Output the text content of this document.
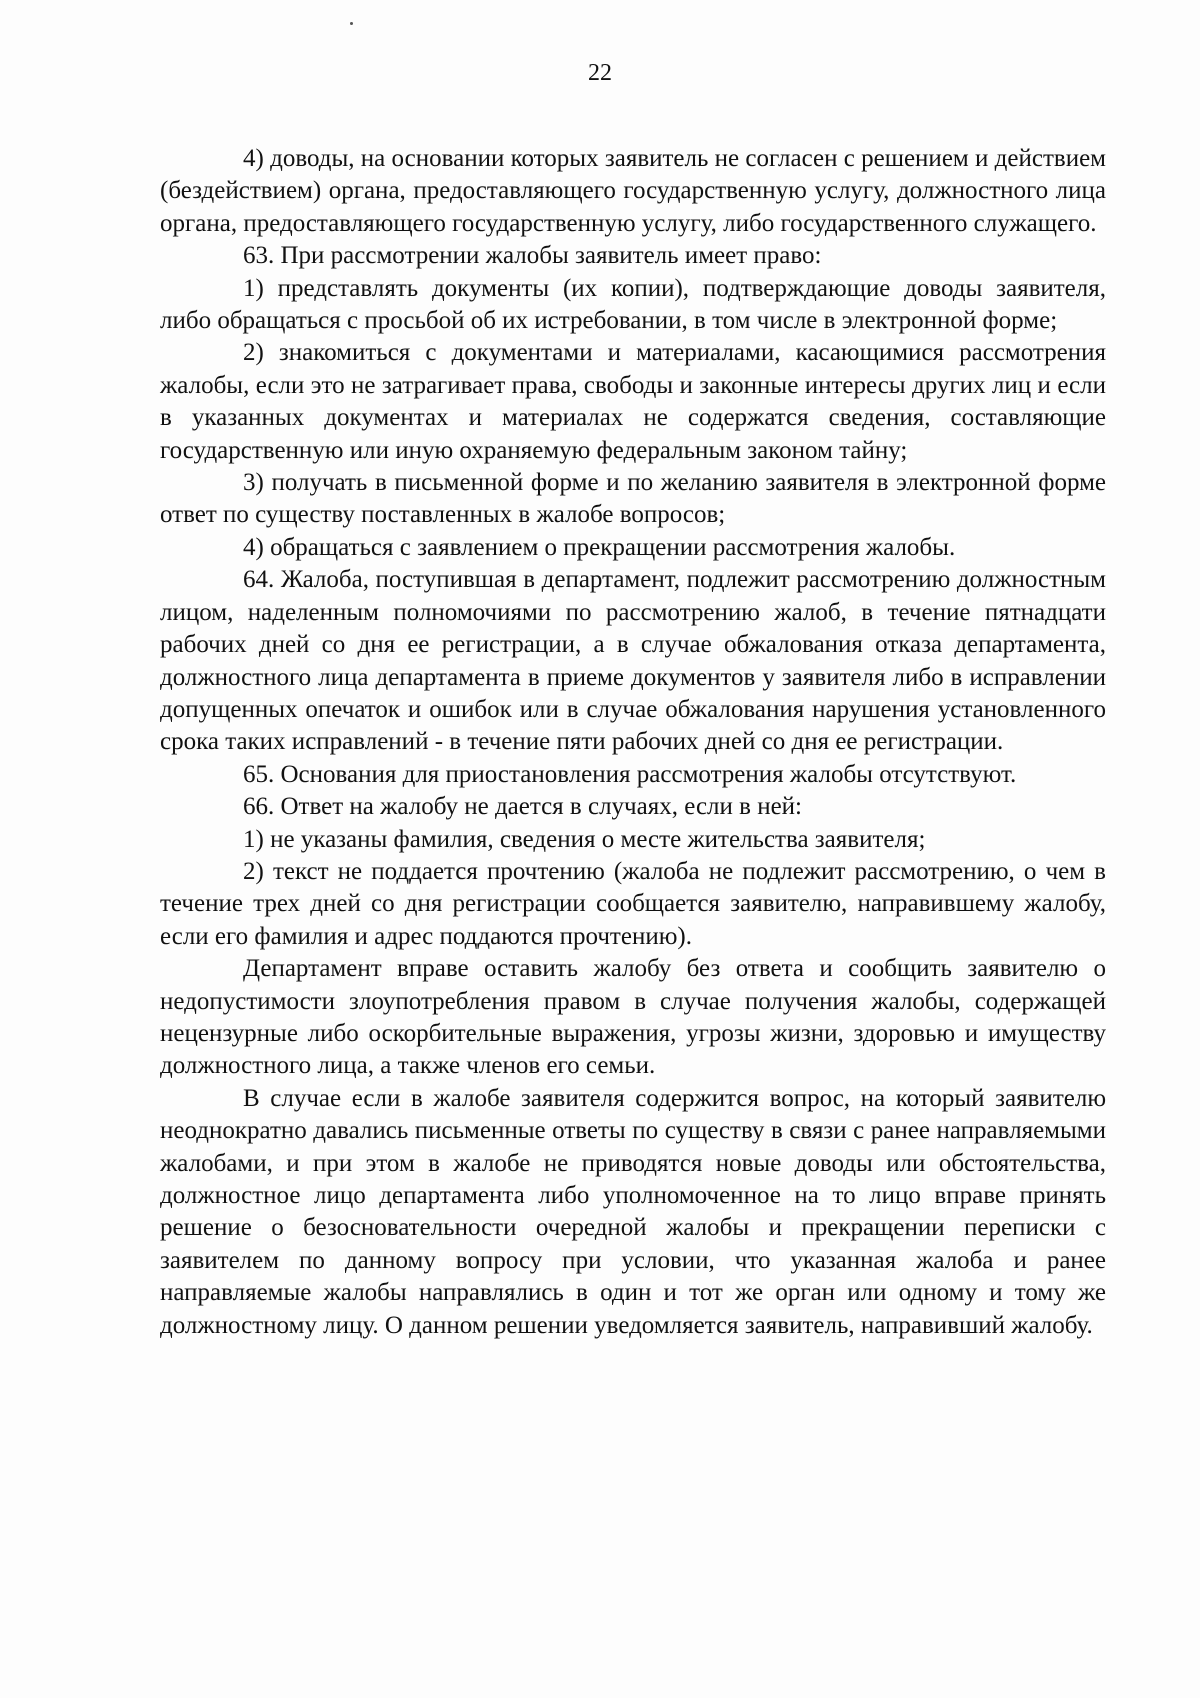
22

4) доводы, на основании которых заявитель не согласен с решением и действием (бездействием) органа, предоставляющего государственную услугу, должностного лица органа, предоставляющего государственную услугу, либо государственного служащего.

63. При рассмотрении жалобы заявитель имеет право:

1) представлять документы (их копии), подтверждающие доводы заявителя, либо обращаться с просьбой об их истребовании, в том числе в электронной форме;

2) знакомиться с документами и материалами, касающимися рассмотрения жалобы, если это не затрагивает права, свободы и законные интересы других лиц и если в указанных документах и материалах не содержатся сведения, составляющие государственную или иную охраняемую федеральным законом тайну;

3) получать в письменной форме и по желанию заявителя в электронной форме ответ по существу поставленных в жалобе вопросов;

4) обращаться с заявлением о прекращении рассмотрения жалобы.

64. Жалоба, поступившая в департамент, подлежит рассмотрению должностным лицом, наделенным полномочиями по рассмотрению жалоб, в течение пятнадцати рабочих дней со дня ее регистрации, а в случае обжалования отказа департамента, должностного лица департамента в приеме документов у заявителя либо в исправлении допущенных опечаток и ошибок или в случае обжалования нарушения установленного срока таких исправлений - в течение пяти рабочих дней со дня ее регистрации.

65. Основания для приостановления рассмотрения жалобы отсутствуют.

66. Ответ на жалобу не дается в случаях, если в ней:

1) не указаны фамилия, сведения о месте жительства заявителя;

2) текст не поддается прочтению (жалоба не подлежит рассмотрению, о чем в течение трех дней со дня регистрации сообщается заявителю, направившему жалобу, если его фамилия и адрес поддаются прочтению).

Департамент вправе оставить жалобу без ответа и сообщить заявителю о недопустимости злоупотребления правом в случае получения жалобы, содержащей нецензурные либо оскорбительные выражения, угрозы жизни, здоровью и имуществу должностного лица, а также членов его семьи.

В случае если в жалобе заявителя содержится вопрос, на который заявителю неоднократно давались письменные ответы по существу в связи с ранее направляемыми жалобами, и при этом в жалобе не приводятся новые доводы или обстоятельства, должностное лицо департамента либо уполномоченное на то лицо вправе принять решение о безосновательности очередной жалобы и прекращении переписки с заявителем по данному вопросу при условии, что указанная жалоба и ранее направляемые жалобы направлялись в один и тот же орган или одному и тому же должностному лицу. О данном решении уведомляется заявитель, направивший жалобу.
